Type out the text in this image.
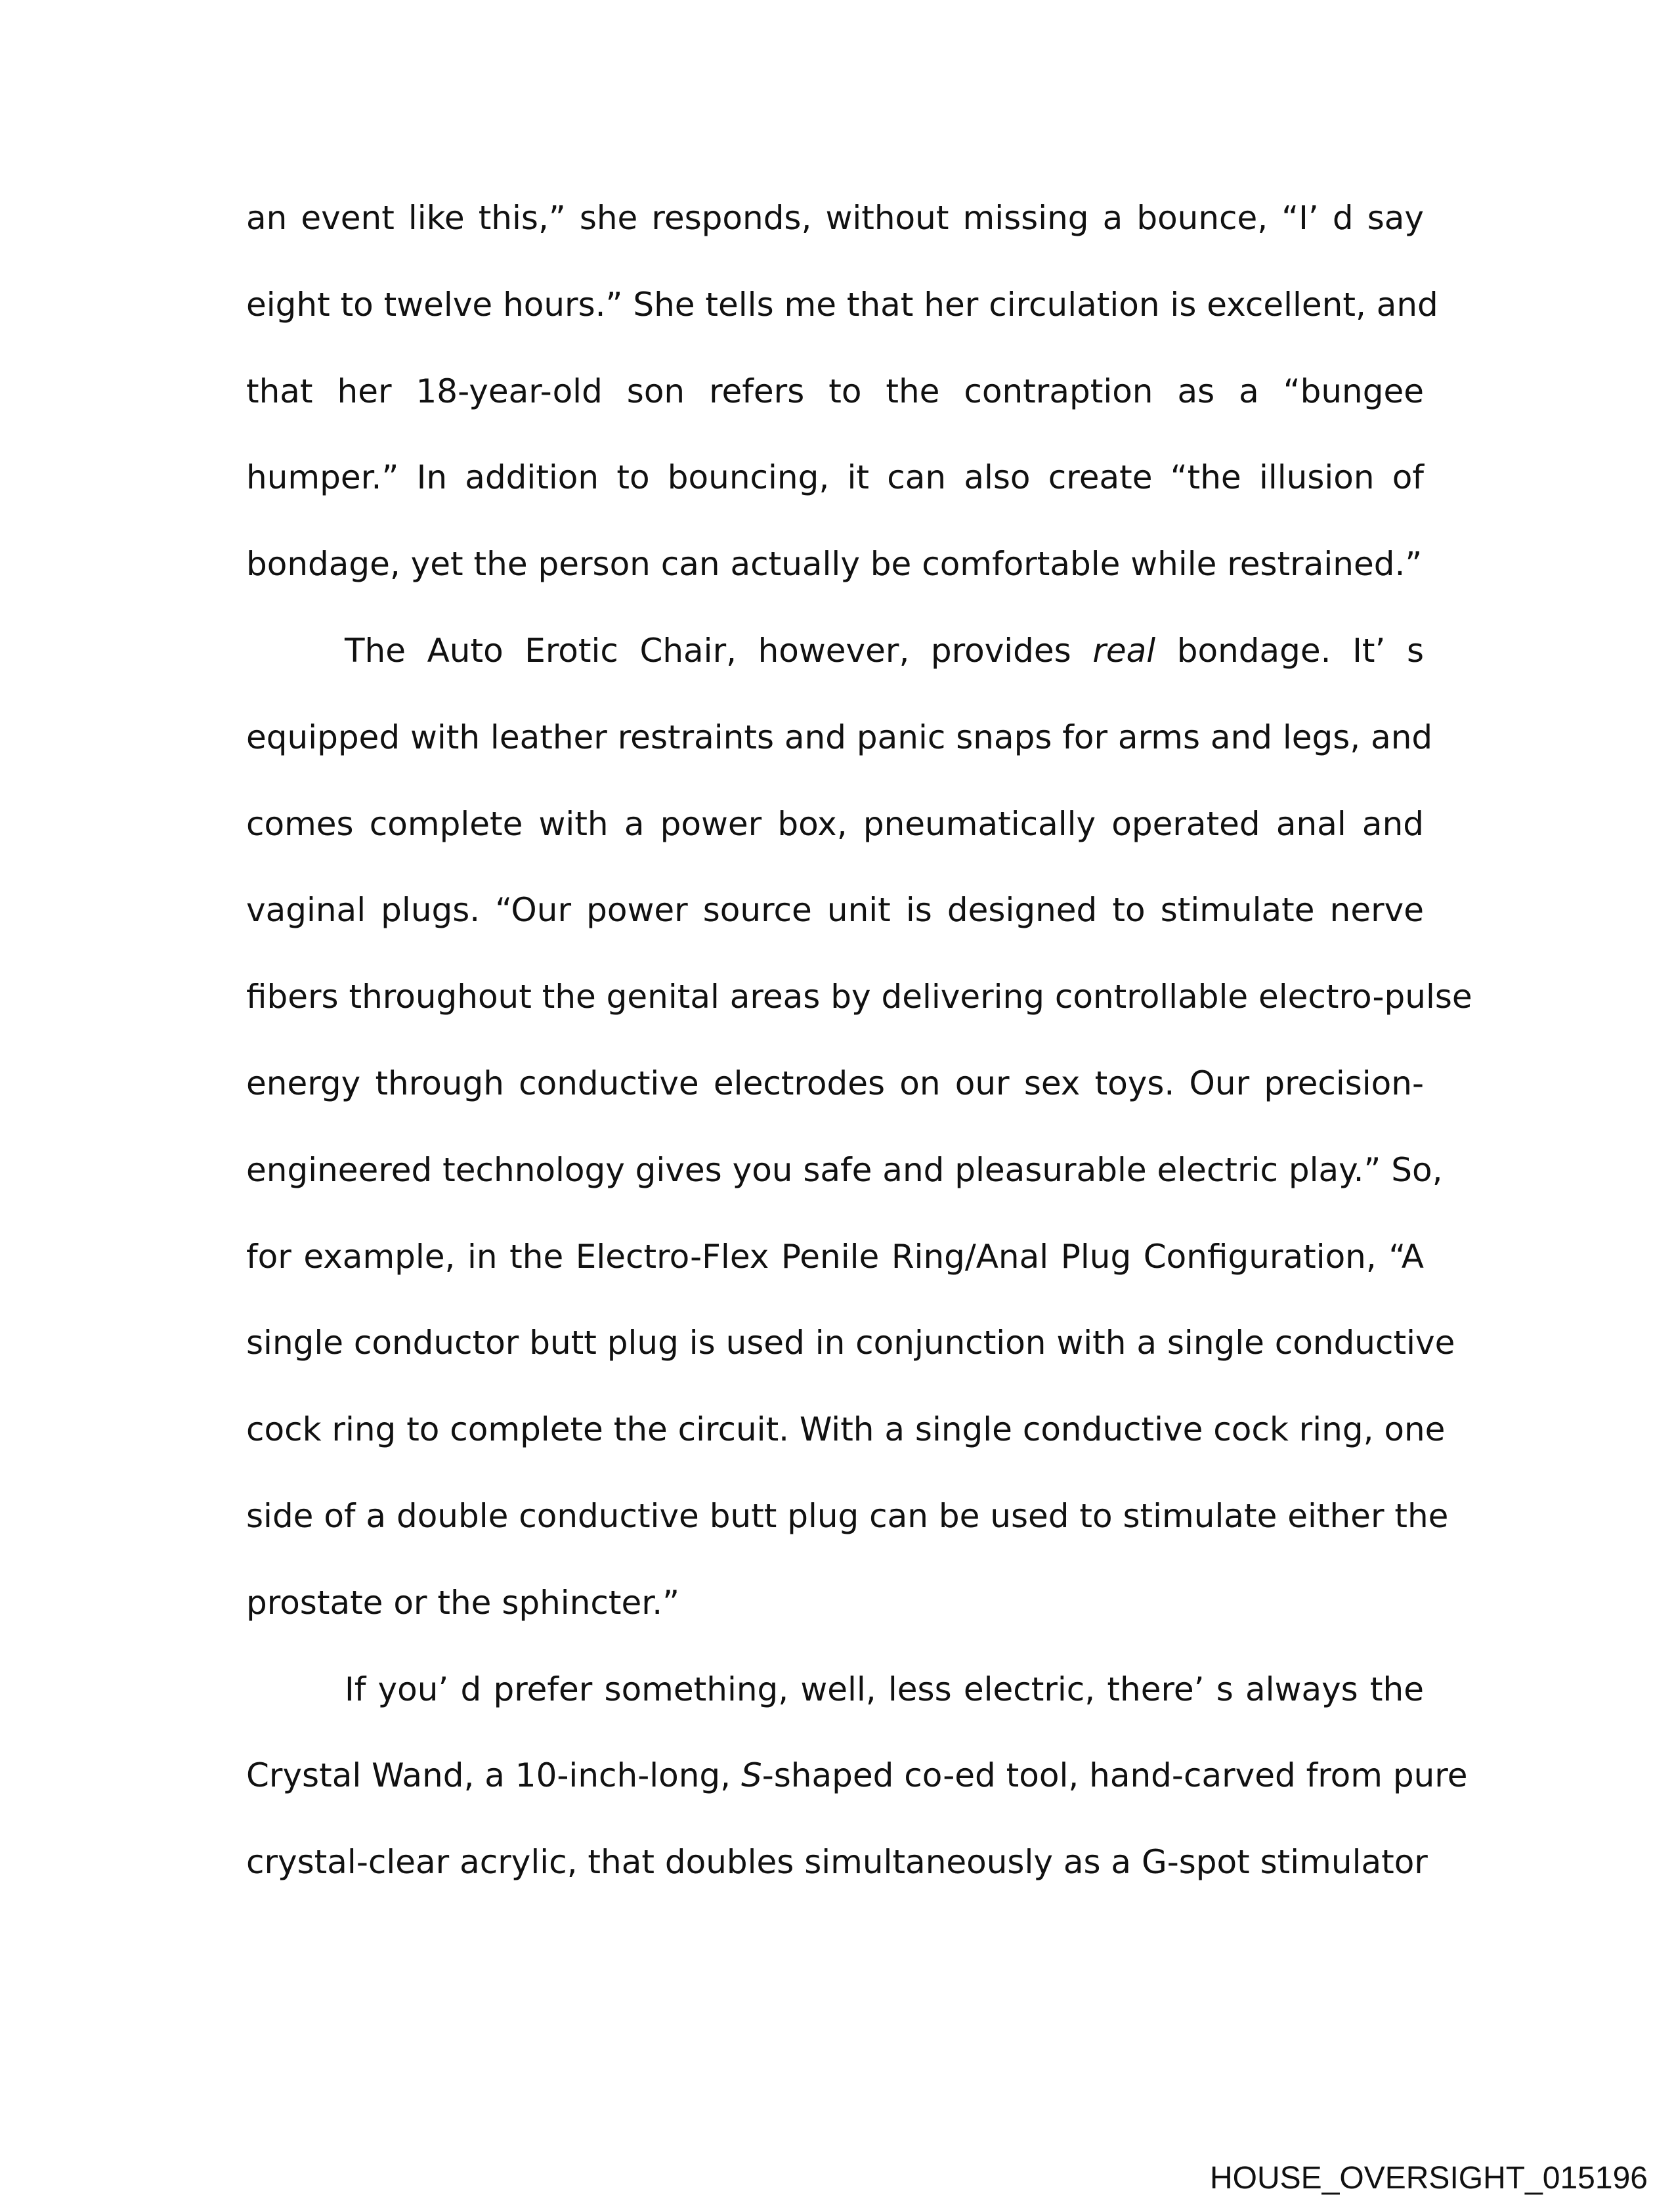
an event like this,” she responds, without missing a bounce, “I’ d say
eight to twelve hours.” She tells me that her circulation is excellent, and
that her 18-year-old son refers to the contraption as a “bungee
humper.” In addition to bouncing, it can also create “the illusion of
bondage, yet the person can actually be comfortable while restrained.”
The Auto Erotic Chair, however, provides real bondage. It’ s
equipped with leather restraints and panic snaps for arms and legs, and
comes complete with a power box, pneumatically operated anal and
vaginal plugs. “Our power source unit is designed to stimulate nerve
fibers throughout the genital areas by delivering controllable electro-pulse
energy through conductive electrodes on our sex toys. Our precision-
engineered technology gives you safe and pleasurable electric play.” So,
for example, in the Electro-Flex Penile Ring/Anal Plug Configuration, “A
single conductor butt plug is used in conjunction with a single conductive
cock ring to complete the circuit. With a single conductive cock ring, one
side of a double conductive butt plug can be used to stimulate either the
prostate or the sphincter.”
If you’ d prefer something, well, less electric, there’ s always the
Crystal Wand, a 10-inch-long, S-shaped co-ed tool, hand-carved from pure
crystal-clear acrylic, that doubles simultaneously as a G-spot stimulator
HOUSE_OVERSIGHT_015196
